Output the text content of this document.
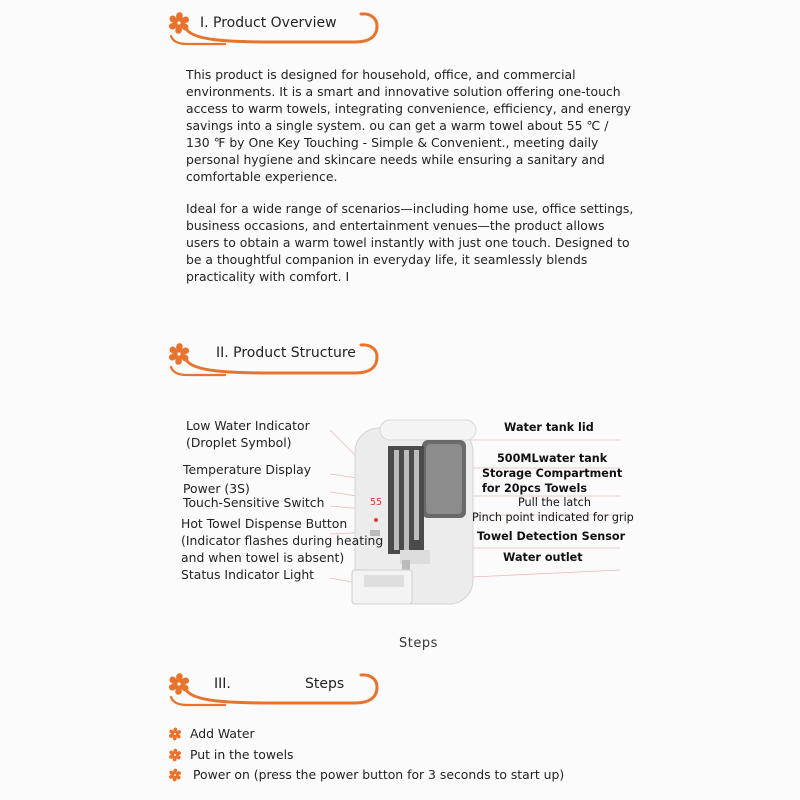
I. Product Overview

This product is designed for household, office, and commercial environments. It is a smart and innovative solution offering one-touch access to warm towels, integrating convenience, efficiency, and energy savings into a single system. ou can get a warm towel about 55 ℃ / 130 ℉ by One Key Touching - Simple & Convenient., meeting daily personal hygiene and skincare needs while ensuring a sanitary and comfortable experience.

Ideal for a wide range of scenarios—including home use, office settings, business occasions, and entertainment venues—the product allows users to obtain a warm towel instantly with just one touch. Designed to be a thoughtful companion in everyday life, it seamlessly blends practicality with comfort. I

II. Product Structure
55
Low Water Indicator
(Droplet Symbol)
Temperature Display
Power (3S)
Touch-Sensitive Switch
Hot Towel Dispense Button
(Indicator flashes during heating
and when towel is absent)
Status Indicator Light
Water tank lid
500MLwater tank
Storage Compartment
for 20pcs Towels
Pull the latch
Pinch point indicated for grip
Towel Detection Sensor
Water outlet
Steps
III.	Steps
Add Water
Put in the towels
Power on (press the power button for 3 seconds to start up)
